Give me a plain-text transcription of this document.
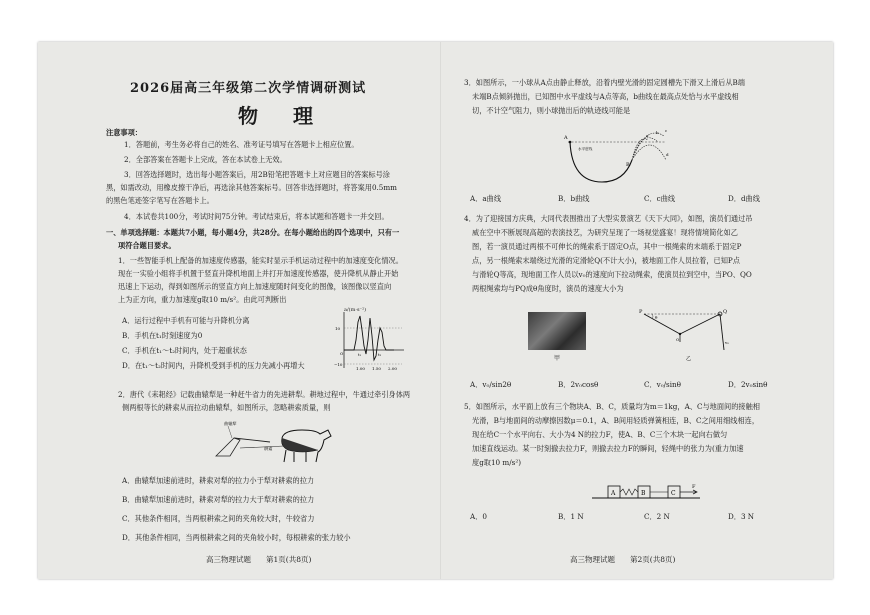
2026届高三年级第二次学情调研测试
物 理
注意事项：
1．答题前，考生务必将自己的姓名、准考证号填写在答题卡上相应位置。
2．全部答案在答题卡上完成，答在本试卷上无效。
3．回答选择题时，选出每小题答案后，用2B铅笔把答题卡上对应题目的答案标号涂
黑，如需改动，用橡皮擦干净后，再选涂其他答案标号。回答非选择题时，将答案用0.5mm
的黑色笔迹签字笔写在答题卡上。
4．本试卷共100分，考试时间75分钟。考试结束后，将本试题和答题卡一并交回。
一、单项选择题：本题共7小题，每小题4分，共28分。在每小题给出的四个选项中，只有一
项符合题目要求。
1．一些智能手机上配备的加速度传感器，能实时显示手机运动过程中的加速度变化情况。
现在一实验小组将手机置于竖直升降机地面上并打开加速度传感器，使升降机从静止开始
迅速上下运动，得到如图所示的竖直方向上加速度随时间变化的图像，该图像以竖直向
上为正方向，重力加速度g取10 m/s²。由此可判断出
A．运行过程中手机有可能与升降机分离
B．手机在t₁时刻速度为0
C．手机在t₁～t₂时间内，处于超重状态
D．在t₁～t₂时间内，升降机受到手机的压力先减小再增大
10
−10
O
1.00 1.50 2.00
t₁	t₂
a/(m·s⁻²)
2．唐代《耒耜经》记载曲辕犁是一种赶牛省力的先进耕犁。耕地过程中，牛通过牵引身体两
侧两根等长的耕索从而拉动曲辕犁，如图所示，忽略耕索质量，则
曲辕犁
耕索
A．曲辕犁加速前进时，耕索对犁的拉力小于犁对耕索的拉力
B．曲辕犁加速前进时，耕索对犁的拉力大于犁对耕索的拉力
C．其他条件相同，当两根耕索之间的夹角较大时，牛较省力
D．其他条件相同，当两根耕索之间的夹角较小时，每根耕索的张力较小
高三物理试题　　第1页(共8页)
3．如图所示，一小球从A点由静止释放，沿着内壁光滑的固定圆槽先下滑又上滑后从B端
未端B点倾斜抛出，已知图中水平虚线与A点等高，b曲线在最高点处恰与水平虚线相
切，不计空气阻力，则小球抛出后的轨迹线可能是
A
B
水平虚线
a
b c
d
A．a曲线	B．b曲线	C．c曲线	D．d曲线
4．为了迎接国方庆典，大同代表围推出了大型实景演艺《天下大同》，如图，演员们通过吊
威在空中不断展现高超的表演技艺，为研究呈现了一场视觉盛宴！现将情境简化如乙
图，若一演员通过两根不可伸长的绳索系于固定O点，其中一根绳索的末端系于固定P
点，另一根绳索末端绕过光滑的定滑轮Q(不计大小)，被地面工作人员拉着，已知P点
与滑轮Q等高，现地面工作人员以v₀的速度向下拉动绳索，使演员拉到空中，当PO、QO
两根绳索均与PQ成θ角度时，演员的速度大小为
甲
P	Q
O
θ
v₀
乙
A．v₀/sin2θ	B．2v₀cosθ	C．v₀/sinθ	D．2v₀sinθ
5．如图所示，水平面上放有三个物块A、B、C，质量均为m＝1kg，A、C与地面间的接触相
光滑，B与地面间的动摩擦因数μ＝0.1，A、B间用轻质弹簧相连，B、C之间用细线相连，
现在给C一个水平向右、大小为4 N的拉力F，使A、B、C三个木块一起向右做匀
加速直线运动。某一时刻撤去拉力F，则撤去拉力F的瞬间，轻绳中的张力为(重力加速
度g取10 m/s²)
A	B	C
F
A．0	B．1 N	C．2 N	D．3 N
高三物理试题　　第2页(共8页)
